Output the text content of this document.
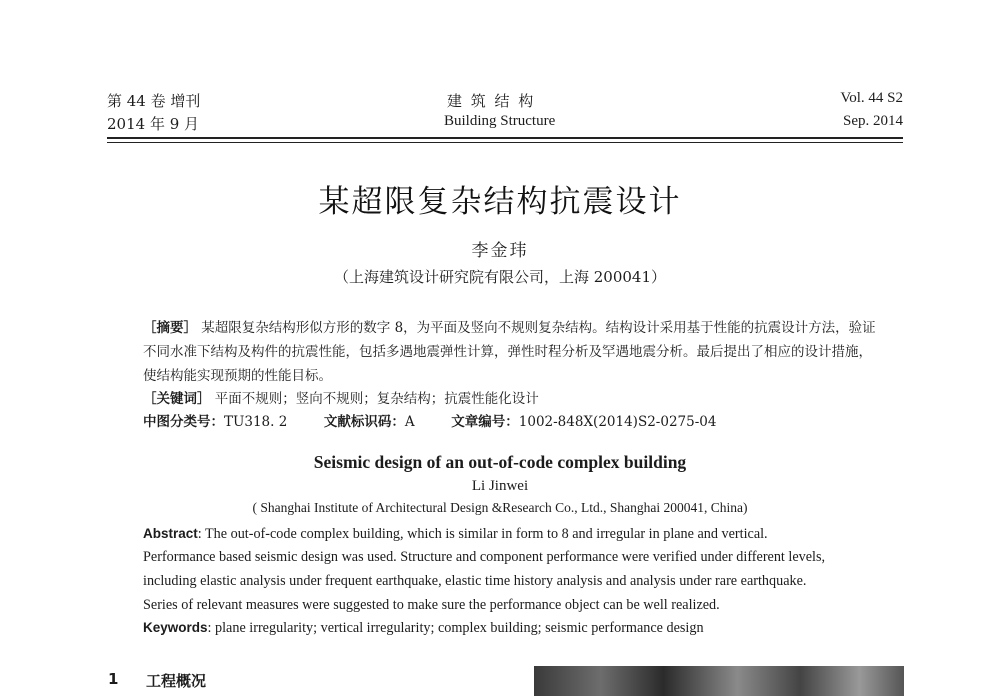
第 44 卷 增刊
2014 年 9 月
建 筑 结 构
Building Structure
Vol. 44 S2
Sep. 2014
某超限复杂结构抗震设计
李金玮
（上海建筑设计研究院有限公司，上海 200041）
［摘要］ 某超限复杂结构形似方形的数字 8，为平面及竖向不规则复杂结构。结构设计采用基于性能的抗震设计方法，验证不同水准下结构及构件的抗震性能，包括多遇地震弹性计算，弹性时程分析及罕遇地震分析。最后提出了相应的设计措施，使结构能实现预期的性能目标。
［关键词］ 平面不规则；竖向不规则；复杂结构；抗震性能化设计
中图分类号：TU318. 2	文献标识码：A	文章编号：1002-848X(2014)S2-0275-04
Seismic design of an out-of-code complex building
Li Jinwei
( Shanghai Institute of Architectural Design &Research Co., Ltd., Shanghai 200041, China)
Abstract: The out-of-code complex building, which is similar in form to 8 and irregular in plane and vertical.
Performance based seismic design was used. Structure and component performance were verified under different levels,
including elastic analysis under frequent earthquake, elastic time history analysis and analysis under rare earthquake.
Series of relevant measures were suggested to make sure the performance object can be well realized.
Keywords: plane irregularity; vertical irregularity; complex building; seismic performance design
1 工程概况
